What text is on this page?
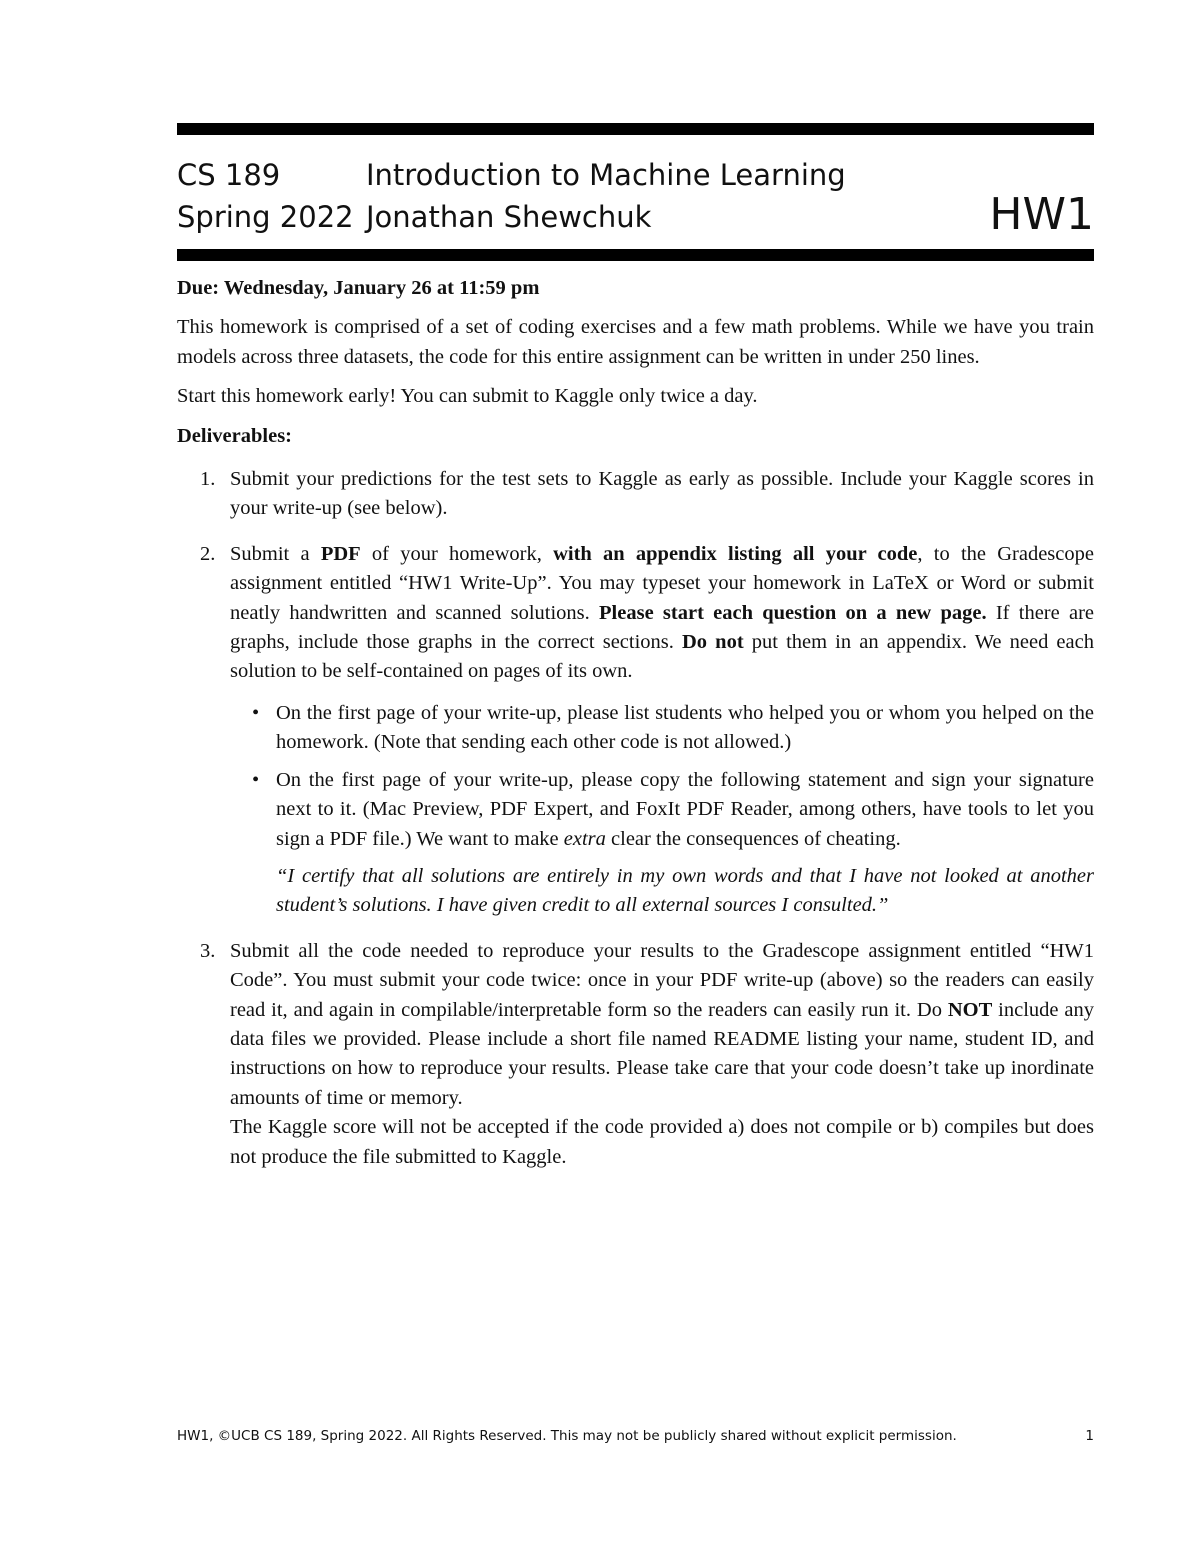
CS 189
Spring 2022
Introduction to Machine Learning
Jonathan Shewchuk	HW1

Due: Wednesday, January 26 at 11:59 pm

This homework is comprised of a set of coding exercises and a few math problems. While we have you train models across three datasets, the code for this entire assignment can be written in under 250 lines.

Start this homework early! You can submit to Kaggle only twice a day.

Deliverables:

1. Submit your predictions for the test sets to Kaggle as early as possible. Include your Kaggle scores in your write-up (see below).
2. Submit a PDF of your homework, with an appendix listing all your code, to the Gradescope assignment entitled “HW1 Write-Up”. You may typeset your homework in LaTeX or Word or submit neatly handwritten and scanned solutions. Please start each question on a new page. If there are graphs, include those graphs in the correct sections. Do not put them in an appendix. We need each solution to be self-contained on pages of its own.
• On the first page of your write-up, please list students who helped you or whom you helped on the homework. (Note that sending each other code is not allowed.)
• On the first page of your write-up, please copy the following statement and sign your signature next to it. (Mac Preview, PDF Expert, and FoxIt PDF Reader, among others, have tools to let you sign a PDF file.) We want to make extra clear the consequences of cheating.

“I certify that all solutions are entirely in my own words and that I have not looked at another student’s solutions. I have given credit to all external sources I consulted.”

3. Submit all the code needed to reproduce your results to the Gradescope assignment entitled “HW1 Code”. You must submit your code twice: once in your PDF write-up (above) so the readers can easily read it, and again in compilable/interpretable form so the readers can easily run it. Do NOT include any data files we provided. Please include a short file named README listing your name, student ID, and instructions on how to reproduce your results. Please take care that your code doesn’t take up inordinate amounts of time or memory.

The Kaggle score will not be accepted if the code provided a) does not compile or b) compiles but does not produce the file submitted to Kaggle.

HW1, ©UCB CS 189, Spring 2022. All Rights Reserved. This may not be publicly shared without explicit permission.	1
